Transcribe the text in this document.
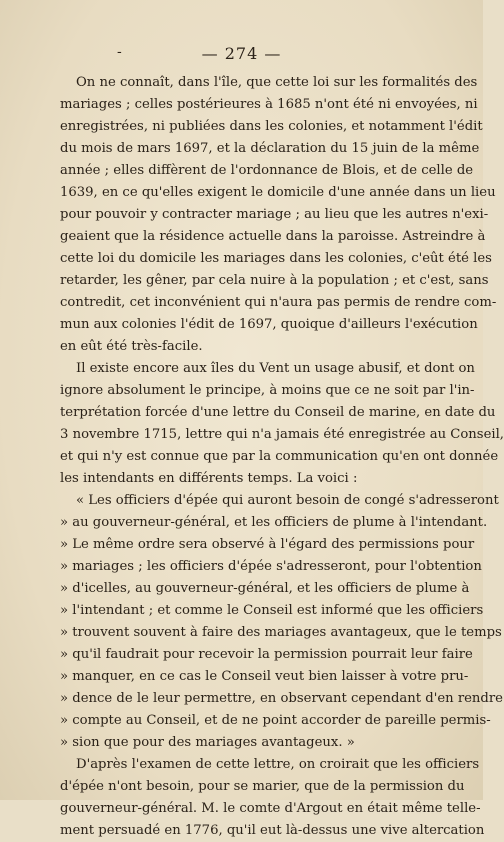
-	— 274 —
On ne connaît, dans l'île, que cette loi sur les formalités des
mariages ; celles postérieures à 1685 n'ont été ni envoyées, ni
enregistrées, ni publiées dans les colonies, et notamment l'édit
du mois de mars 1697, et la déclaration du 15 juin de la même
année ; elles diffèrent de l'ordonnance de Blois, et de celle de
1639, en ce qu'elles exigent le domicile d'une année dans un lieu
pour pouvoir y contracter mariage ; au lieu que les autres n'exi-
geaient que la résidence actuelle dans la paroisse. Astreindre à
cette loi du domicile les mariages dans les colonies, c'eût été les
retarder, les gêner, par cela nuire à la population ; et c'est, sans
contredit, cet inconvénient qui n'aura pas permis de rendre com-
mun aux colonies l'édit de 1697, quoique d'ailleurs l'exécution
en eût été très-facile.
Il existe encore aux îles du Vent un usage abusif, et dont on
ignore absolument le principe, à moins que ce ne soit par l'in-
terprétation forcée d'une lettre du Conseil de marine, en date du
3 novembre 1715, lettre qui n'a jamais été enregistrée au Conseil,
et qui n'y est connue que par la communication qu'en ont donnée
les intendants en différents temps. La voici :
« Les officiers d'épée qui auront besoin de congé s'adresseront
» au gouverneur-général, et les officiers de plume à l'intendant.
» Le même ordre sera observé à l'égard des permissions pour
» mariages ; les officiers d'épée s'adresseront, pour l'obtention
» d'icelles, au gouverneur-général, et les officiers de plume à
» l'intendant ; et comme le Conseil est informé que les officiers
» trouvent souvent à faire des mariages avantageux, que le temps
» qu'il faudrait pour recevoir la permission pourrait leur faire
» manquer, en ce cas le Conseil veut bien laisser à votre pru-
» dence de le leur permettre, en observant cependant d'en rendre
» compte au Conseil, et de ne point accorder de pareille permis-
» sion que pour des mariages avantageux. »
D'après l'examen de cette lettre, on croirait que les officiers
d'épée n'ont besoin, pour se marier, que de la permission du
gouverneur-général. M. le comte d'Argout en était même telle-
ment persuadé en 1776, qu'il eut là-dessus une vive altercation
